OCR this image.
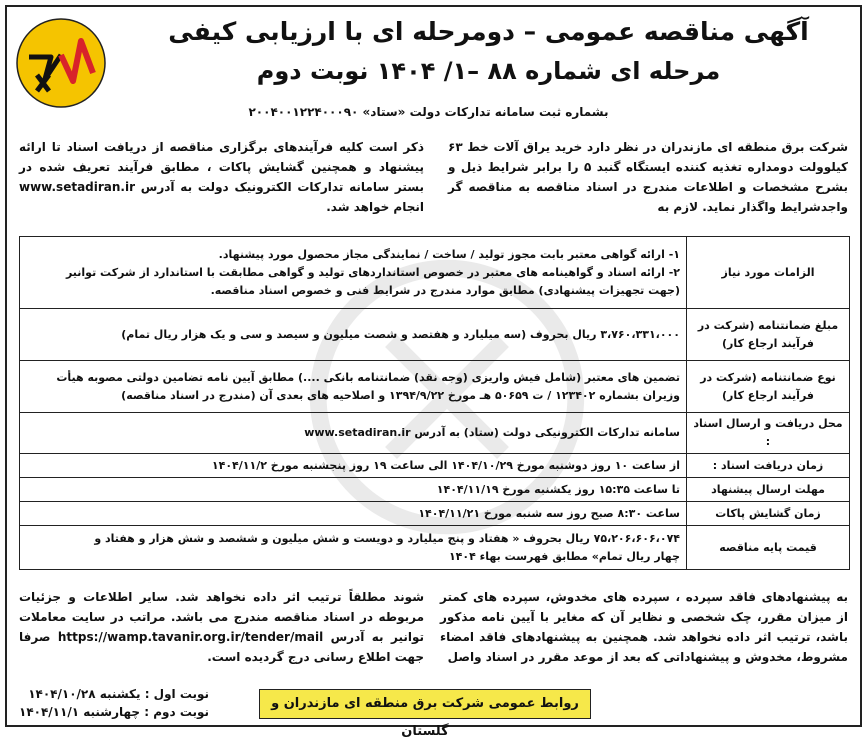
آگهی مناقصه عمومی – دومرحله ای با ارزیابی کیفی
مرحله ای شماره ۸۸ –۱/ ۱۴۰۴ نوبت دوم
بشماره ثبت سامانه تدارکات دولت «ستاد» ۲۰۰۴۰۰۱۲۲۴۰۰۰۹۰
شرکت برق منطقه ای مازندران در نظر دارد خرید یراق آلات خط ۶۳ کیلوولت دومداره تغذیه کننده ایستگاه گنبد ۵ را برابر شرایط ذیل و بشرح مشخصات و اطلاعات مندرج در اسناد مناقصه به مناقصه گر واجدشرایط واگذار نماید. لازم به
ذکر است کلیه فرآیندهای برگزاری مناقصه از دریافت اسناد تا ارائه پیشنهاد و همچنین گشایش پاکات ، مطابق فرآیند تعریف شده در بستر سامانه تدارکات الکترونیک دولت به آدرس www.setadiran.ir انجام خواهد شد.
الزامات مورد نیاز	۱- ارائه گواهی معتبر بابت مجوز تولید / ساخت / نمایندگی مجاز محصول مورد پیشنهاد.
۲- ارائه اسناد و گواهینامه های معتبر در خصوص استانداردهای تولید و گواهی مطابقت با استاندارد از شرکت توانیر
(جهت تجهیزات پیشنهادی) مطابق موارد مندرج در شرایط فنی و خصوص اسناد مناقصه.

مبلغ ضمانتنامه (شرکت در فرآیند ارجاع کار)	۳،۷۶۰،۳۳۱،۰۰۰ ریال بحروف (سه میلیارد و هفتصد و شصت میلیون و سیصد و سی و یک هزار ریال تمام)

نوع ضمانتنامه (شرکت در فرآیند ارجاع کار)	تضمین های معتبر (شامل فیش واریزی (وجه نقد) ضمانتنامه بانکی ....) مطابق آیین نامه تضامین دولتی مصوبه هیأت
وزیران بشماره ۱۲۳۴۰۲ / ت ۵۰۶۵۹ هـ مورخ ۱۳۹۴/۹/۲۲ و اصلاحیه های بعدی آن (مندرج در اسناد مناقصه)

محل دریافت و ارسال اسناد :	سامانه تدارکات الکترونیکی دولت (ستاد) به آدرس www.setadiran.ir

زمان دریافت اسناد :	از ساعت ۱۰ روز دوشنبه مورخ ۱۴۰۴/۱۰/۲۹ الی ساعت ۱۹ روز پنجشنبه مورخ ۱۴۰۴/۱۱/۲

مهلت ارسال پیشنهاد	تا ساعت ۱۵:۳۵ روز یکشنبه مورخ ۱۴۰۴/۱۱/۱۹

زمان گشایش پاکات	ساعت ۸:۳۰ صبح روز سه شنبه مورخ ۱۴۰۴/۱۱/۲۱

قیمت پایه مناقصه	۷۵،۲۰۶،۶۰۶،۰۷۴ ریال بحروف « هفتاد و پنج میلیارد و دویست و شش میلیون و ششصد و شش هزار و هفتاد و
چهار ریال تمام» مطابق فهرست بهاء ۱۴۰۴
به پیشنهادهای فاقد سپرده ، سپرده های مخدوش، سپرده های کمتر از میزان مقرر، چک شخصی و نظایر آن که مغایر با آیین نامه مذکور باشد، ترتیب اثر داده نخواهد شد. همچنین به پیشنهادهای فاقد امضاء مشروط، مخدوش و پیشنهاداتی که بعد از موعد مقرر در اسناد واصل
شوند مطلقاً ترتیب اثر داده نخواهد شد. سایر اطلاعات و جزئیات مربوطه در اسناد مناقصه مندرج می باشد. مراتب در سایت معاملات توانیر به آدرس https://wamp.tavanir.org.ir/tender/mail صرفا جهت اطلاع رسانی درج گردیده است.
نوبت اول : یکشنبه ۱۴۰۴/۱۰/۲۸
نوبت دوم : چهارشنبه ۱۴۰۴/۱۱/۱
روابط عمومی شرکت برق منطقه ای مازندران و گلستان
